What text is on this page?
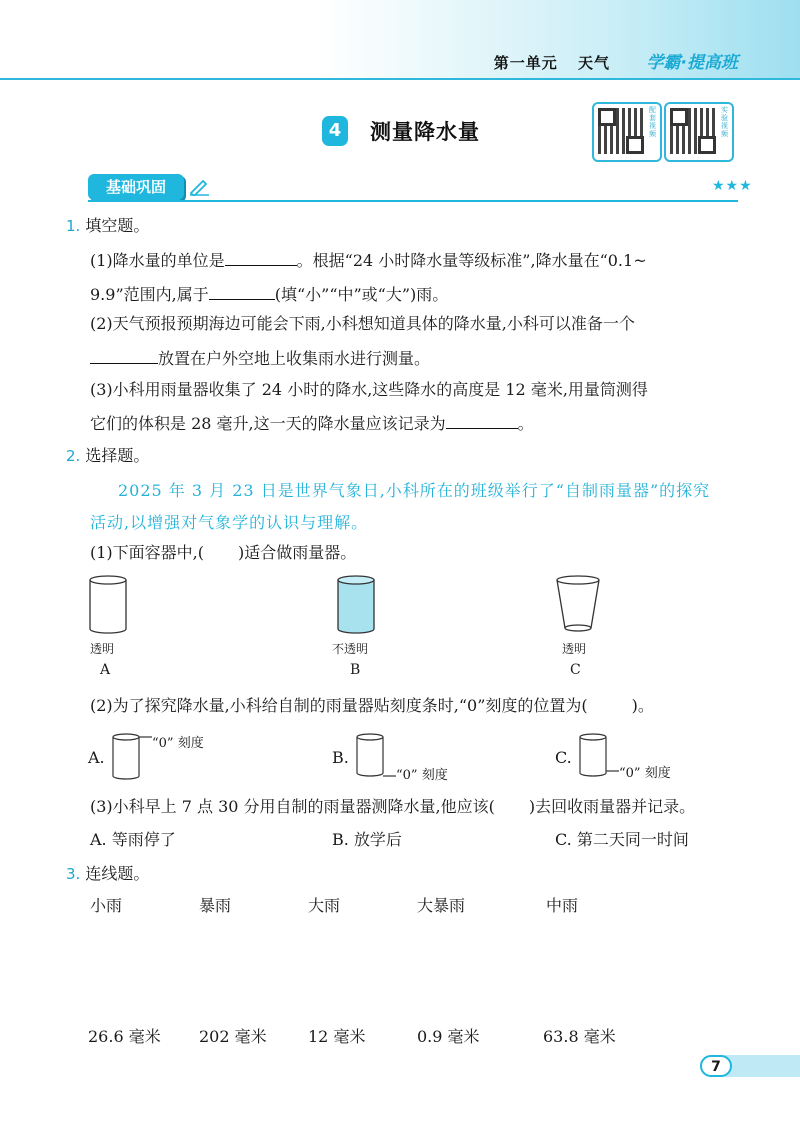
第一单元 天气 学霸·提高班
4	测量降水量
配套视频
实验视频
基础巩固	★★★
1. 填空题。
(1)降水量的单位是	。根据“24 小时降水量等级标准”,降水量在“0.1~
9.9”范围内,属于	(填“小”“中”或“大”)雨。
(2)天气预报预期海边可能会下雨,小科想知道具体的降水量,小科可以准备一个
放置在户外空地上收集雨水进行测量。
(3)小科用雨量器收集了 24 小时的降水,这些降水的高度是 12 毫米,用量筒测得
它们的体积是 28 毫升,这一天的降水量应该记录为	。
2. 选择题。
2025 年 3 月 23 日是世界气象日,小科所在的班级举行了“自制雨量器”的探究
活动,以增强对气象学的认识与理解。
(1)下面容器中,( )适合做雨量器。
透明
A
不透明
B
透明
C
(2)为了探究降水量,小科给自制的雨量器贴刻度条时,“0”刻度的位置为(	)。
A.
“0” 刻度
B.
“0” 刻度
C.
“0” 刻度
(3)小科早上 7 点 30 分用自制的雨量器测降水量,他应该( )去回收雨量器并记录。
A. 等雨停了	B. 放学后	C. 第二天同一时间
3. 连线题。
小雨	暴雨	大雨	大暴雨	中雨
26.6 毫米 202 毫米	12 毫米	0.9 毫米	63.8 毫米
7
